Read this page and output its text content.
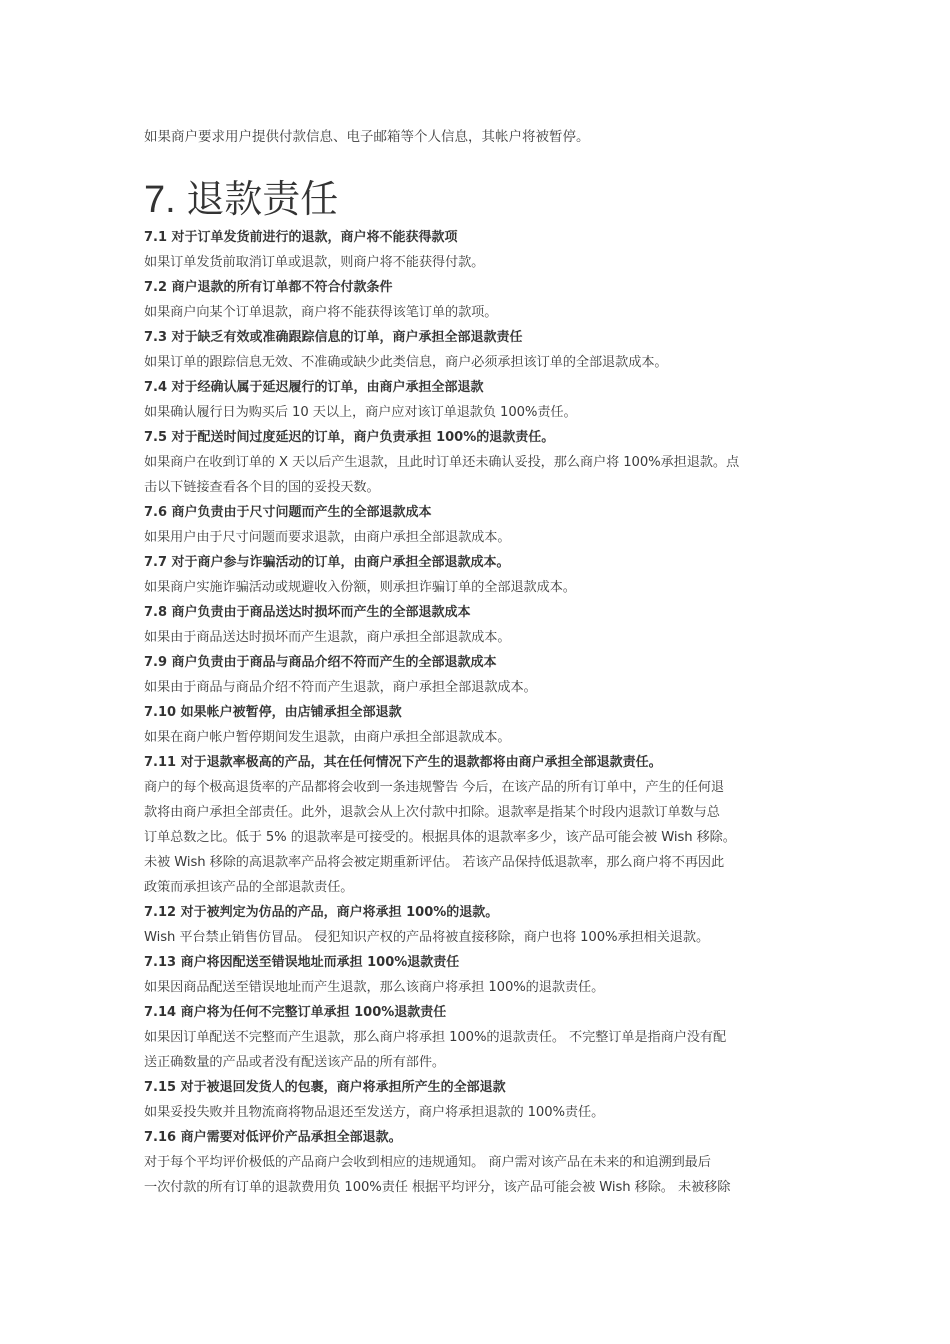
如果商户要求用户提供付款信息、电子邮箱等个人信息，其帐户将被暂停。
7. 退款责任
7.1 对于订单发货前进行的退款，商户将不能获得款项
如果订单发货前取消订单或退款，则商户将不能获得付款。
7.2 商户退款的所有订单都不符合付款条件
如果商户向某个订单退款，商户将不能获得该笔订单的款项。
7.3 对于缺乏有效或准确跟踪信息的订单，商户承担全部退款责任
如果订单的跟踪信息无效、不准确或缺少此类信息，商户必须承担该订单的全部退款成本。
7.4 对于经确认属于延迟履行的订单，由商户承担全部退款
如果确认履行日为购买后 10 天以上，商户应对该订单退款负 100%责任。
7.5 对于配送时间过度延迟的订单，商户负责承担 100%的退款责任。
如果商户在收到订单的 X 天以后产生退款，且此时订单还未确认妥投，那么商户将 100%承担退款。点
击以下链接查看各个目的国的妥投天数。
7.6 商户负责由于尺寸问题而产生的全部退款成本
如果用户由于尺寸问题而要求退款，由商户承担全部退款成本。
7.7 对于商户参与诈骗活动的订单，由商户承担全部退款成本。
如果商户实施诈骗活动或规避收入份额，则承担诈骗订单的全部退款成本。
7.8 商户负责由于商品送达时损坏而产生的全部退款成本
如果由于商品送达时损坏而产生退款，商户承担全部退款成本。
7.9 商户负责由于商品与商品介绍不符而产生的全部退款成本
如果由于商品与商品介绍不符而产生退款，商户承担全部退款成本。
7.10 如果帐户被暂停，由店铺承担全部退款
如果在商户帐户暂停期间发生退款，由商户承担全部退款成本。
7.11 对于退款率极高的产品，其在任何情况下产生的退款都将由商户承担全部退款责任。
商户的每个极高退货率的产品都将会收到一条违规警告 今后，在该产品的所有订单中，产生的任何退
款将由商户承担全部责任。此外，退款会从上次付款中扣除。退款率是指某个时段内退款订单数与总
订单总数之比。低于 5% 的退款率是可接受的。根据具体的退款率多少，该产品可能会被 Wish 移除。
未被 Wish 移除的高退款率产品将会被定期重新评估。 若该产品保持低退款率，那么商户将不再因此
政策而承担该产品的全部退款责任。
7.12 对于被判定为仿品的产品，商户将承担 100%的退款。
Wish 平台禁止销售仿冒品。 侵犯知识产权的产品将被直接移除，商户也将 100%承担相关退款。
7.13 商户将因配送至错误地址而承担 100%退款责任
如果因商品配送至错误地址而产生退款，那么该商户将承担 100%的退款责任。
7.14 商户将为任何不完整订单承担 100%退款责任
如果因订单配送不完整而产生退款，那么商户将承担 100%的退款责任。 不完整订单是指商户没有配
送正确数量的产品或者没有配送该产品的所有部件。
7.15 对于被退回发货人的包裹，商户将承担所产生的全部退款
如果妥投失败并且物流商将物品退还至发送方，商户将承担退款的 100%责任。
7.16 商户需要对低评价产品承担全部退款。
对于每个平均评价极低的产品商户会收到相应的违规通知。 商户需对该产品在未来的和追溯到最后
一次付款的所有订单的退款费用负 100%责任 根据平均评分，该产品可能会被 Wish 移除。 未被移除
